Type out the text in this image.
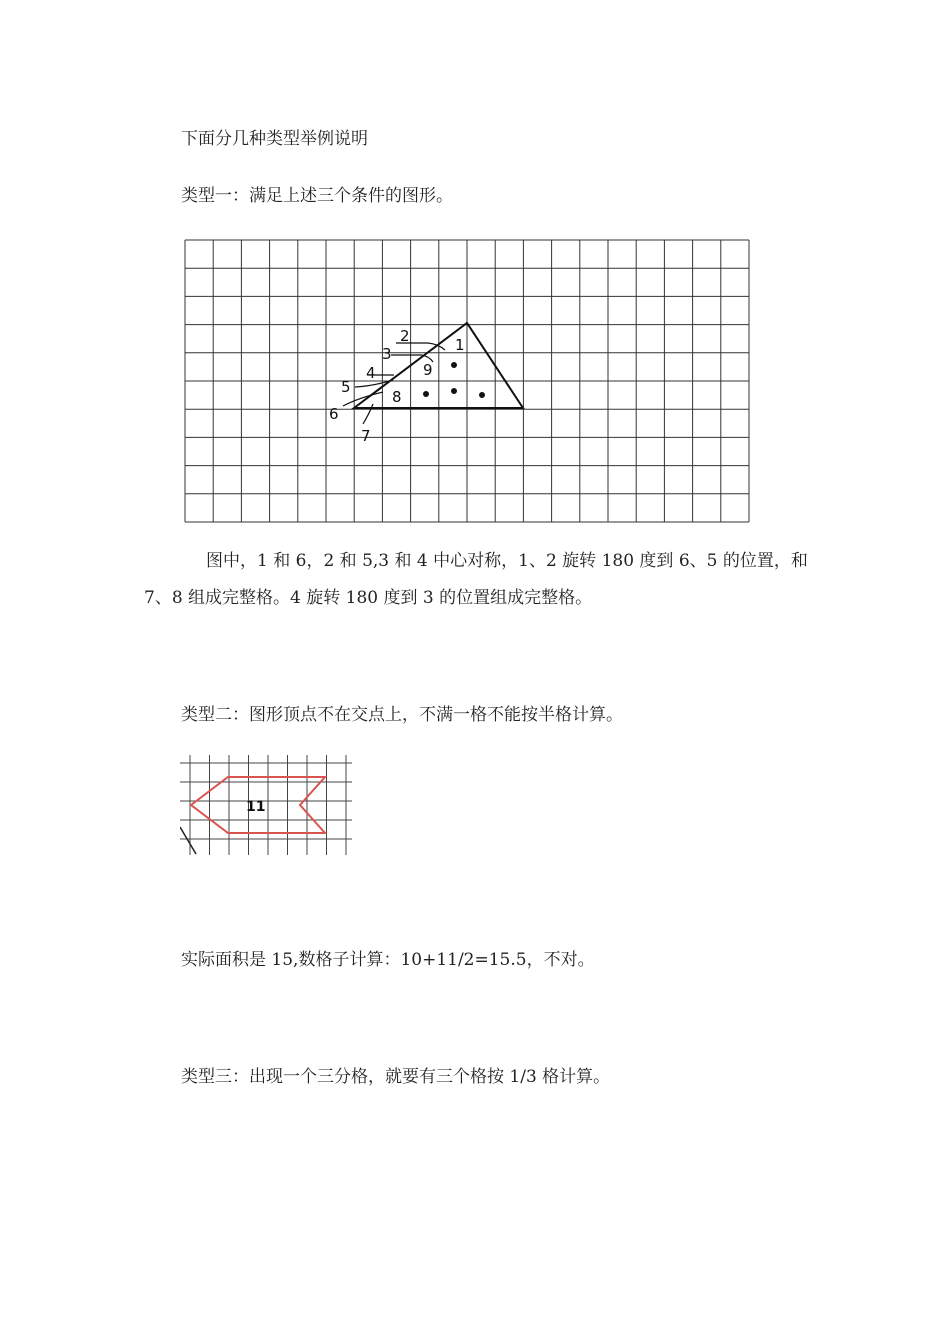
下面分几种类型举例说明
类型一：满足上述三个条件的图形。
1
2
3
4
5
6
7
8
9
图中，1 和 6，2 和 5,3 和 4 中心对称，1、2 旋转 180 度到 6、5 的位置，和 7、8 组成完整格。4 旋转 180 度到 3 的位置组成完整格。
类型二：图形顶点不在交点上，不满一格不能按半格计算。
11
实际面积是 15,数格子计算：10+11/2=15.5，不对。
类型三：出现一个三分格，就要有三个格按 1/3 格计算。
